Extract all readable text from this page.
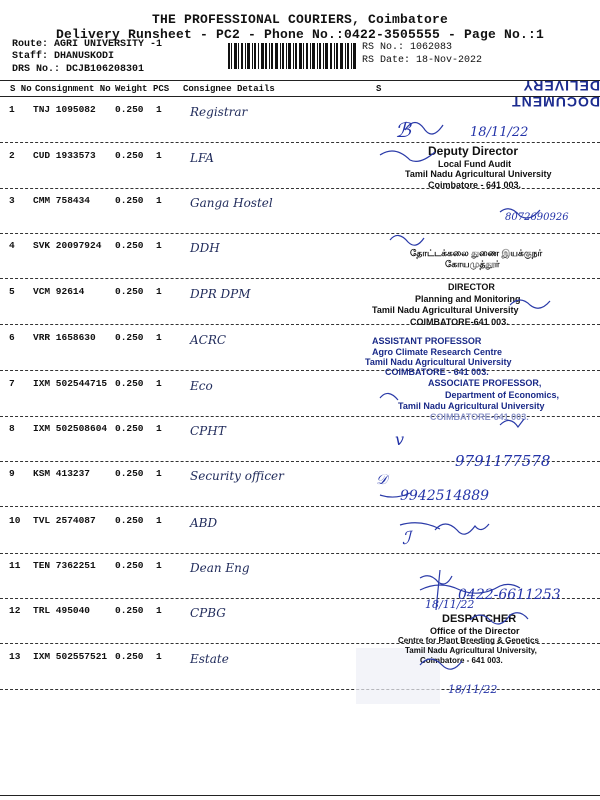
THE PROFESSIONAL COURIERS, Coimbatore
Delivery Runsheet - PC2 - Phone No.:0422-3505555 - Page No.:1
Route: AGRI UNIVERSITY -1
Staff: DHANUSKODI
DRS No.: DCJB106208301
RS No.: 1062083
RS Date: 18-Nov-2022
DOCUMENT DELIVERY
S No Consignment No Weight PCS Consignee Details	S
1 TNJ 1095082 0.250 1 Registrar
2 CUD 1933573 0.250 1 LFA
3 CMM 758434	0.250 1 Ganga Hostel
4 SVK 20097924 0.250 1 DDH
5 VCM 92614	0.250 1 DPR DPM
6 VRR 1658630 0.250 1 ACRC
7 IXM 502544715 0.250 1 Eco
8 IXM 502508604 0.250 1 CPHT
9 KSM 413237	0.250 1 Security officer
10 TVL 2574087 0.250 1 ABD
11 TEN 7362251 0.250 1 Dean Eng
12 TRL 495040	0.250 1 CPBG
13 IXM 502557521 0.250 1 Estate
ℬ	18/11/22
Deputy Director
Local Fund Audit
Tamil Nadu Agricultural University
Coimbatore - 641 003.
8072690926
தோட்டக்கலை துணை இயக்குநர்
கோயமுத்தூர்
DIRECTOR
Planning and Monitoring
Tamil Nadu Agricultural University
COIMBATORE-641 003.
ASSISTANT PROFESSOR
Agro Climate Research Centre
Tamil Nadu Agricultural University
COIMBATORE - 641 003.
ASSOCIATE PROFESSOR,
Department of Economics,
Tamil Nadu Agricultural University
COIMBATORE-641 003.
v
9791177578
𝒟
9942514889
ℐ
0422-6611253
18/11/22
DESPATCHER
Office of the Director
Centre for Plant Breeding & Genetics
Tamil Nadu Agricultural University,
Coimbatore - 641 003.
18/11/22
